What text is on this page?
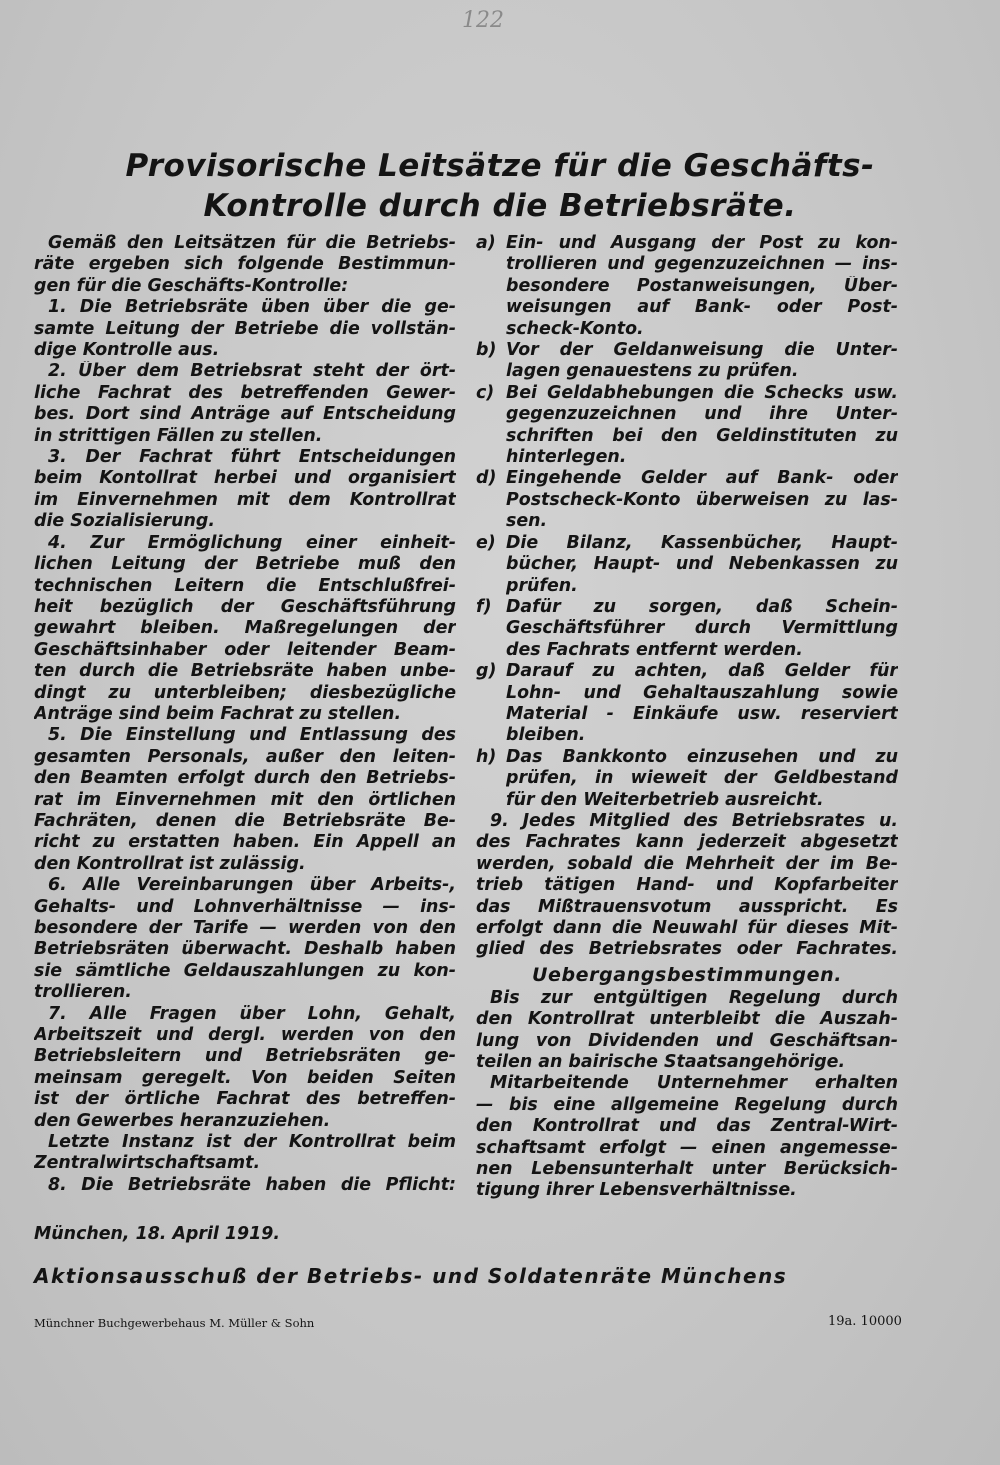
122
Provisorische Leitsätze für die Geschäfts-
Kontrolle durch die Betriebsräte.
Gemäß den Leitsätzen für die Betriebs-
räte ergeben sich folgende Bestimmun-
gen für die Geschäfts-Kontrolle:
1. Die Betriebsräte üben über die ge-
samte Leitung der Betriebe die vollstän-
dige Kontrolle aus.
2. Über dem Betriebsrat steht der ört-
liche Fachrat des betreffenden Gewer-
bes. Dort sind Anträge auf Entscheidung
in strittigen Fällen zu stellen.
3. Der Fachrat führt Entscheidungen
beim Kontollrat herbei und organisiert
im Einvernehmen mit dem Kontrollrat
die Sozialisierung.
4. Zur Ermöglichung einer einheit-
lichen Leitung der Betriebe muß den
technischen Leitern die Entschlußfrei-
heit bezüglich der Geschäftsführung
gewahrt bleiben. Maßregelungen der
Geschäftsinhaber oder leitender Beam-
ten durch die Betriebsräte haben unbe-
dingt zu unterbleiben; diesbezügliche
Anträge sind beim Fachrat zu stellen.
5. Die Einstellung und Entlassung des
gesamten Personals, außer den leiten-
den Beamten erfolgt durch den Betriebs-
rat im Einvernehmen mit den örtlichen
Fachräten, denen die Betriebsräte Be-
richt zu erstatten haben. Ein Appell an
den Kontrollrat ist zulässig.
6. Alle Vereinbarungen über Arbeits-,
Gehalts- und Lohnverhältnisse — ins-
besondere der Tarife — werden von den
Betriebsräten überwacht. Deshalb haben
sie sämtliche Geldauszahlungen zu kon-
trollieren.
7. Alle Fragen über Lohn, Gehalt,
Arbeitszeit und dergl. werden von den
Betriebsleitern und Betriebsräten ge-
meinsam geregelt. Von beiden Seiten
ist der örtliche Fachrat des betreffen-
den Gewerbes heranzuziehen.
Letzte Instanz ist der Kontrollrat beim
Zentralwirtschaftsamt.
8. Die Betriebsräte haben die Pflicht:
a) Ein- und Ausgang der Post zu kon-
trollieren und gegenzuzeichnen — ins-
besondere Postanweisungen, Über-
weisungen auf Bank- oder Post-
scheck-Konto.
b) Vor der Geldanweisung die Unter-
lagen genauestens zu prüfen.
c) Bei Geldabhebungen die Schecks usw.
gegenzuzeichnen und ihre Unter-
schriften bei den Geldinstituten zu
hinterlegen.
d) Eingehende Gelder auf Bank- oder
Postscheck-Konto überweisen zu las-
sen.
e) Die Bilanz, Kassenbücher, Haupt-
bücher, Haupt- und Nebenkassen zu
prüfen.
f) Dafür zu sorgen, daß Schein-
Geschäftsführer durch Vermittlung
des Fachrats entfernt werden.
g) Darauf zu achten, daß Gelder für
Lohn- und Gehaltauszahlung sowie
Material - Einkäufe usw. reserviert
bleiben.
h) Das Bankkonto einzusehen und zu
prüfen, in wieweit der Geldbestand
für den Weiterbetrieb ausreicht.
9. Jedes Mitglied des Betriebsrates u.
des Fachrates kann jederzeit abgesetzt
werden, sobald die Mehrheit der im Be-
trieb tätigen Hand- und Kopfarbeiter
das Mißtrauensvotum ausspricht. Es
erfolgt dann die Neuwahl für dieses Mit-
glied des Betriebsrates oder Fachrates.
Uebergangsbestimmungen.
Bis zur entgültigen Regelung durch
den Kontrollrat unterbleibt die Auszah-
lung von Dividenden und Geschäftsan-
teilen an bairische Staatsangehörige.
Mitarbeitende Unternehmer erhalten
— bis eine allgemeine Regelung durch
den Kontrollrat und das Zentral-Wirt-
schaftsamt erfolgt — einen angemesse-
nen Lebensunterhalt unter Berücksich-
tigung ihrer Lebensverhältnisse.
München, 18. April 1919.
Aktionsausschuß der Betriebs- und Soldatenräte Münchens
Münchner Buchgewerbehaus M. Müller & Sohn	19a. 10000
